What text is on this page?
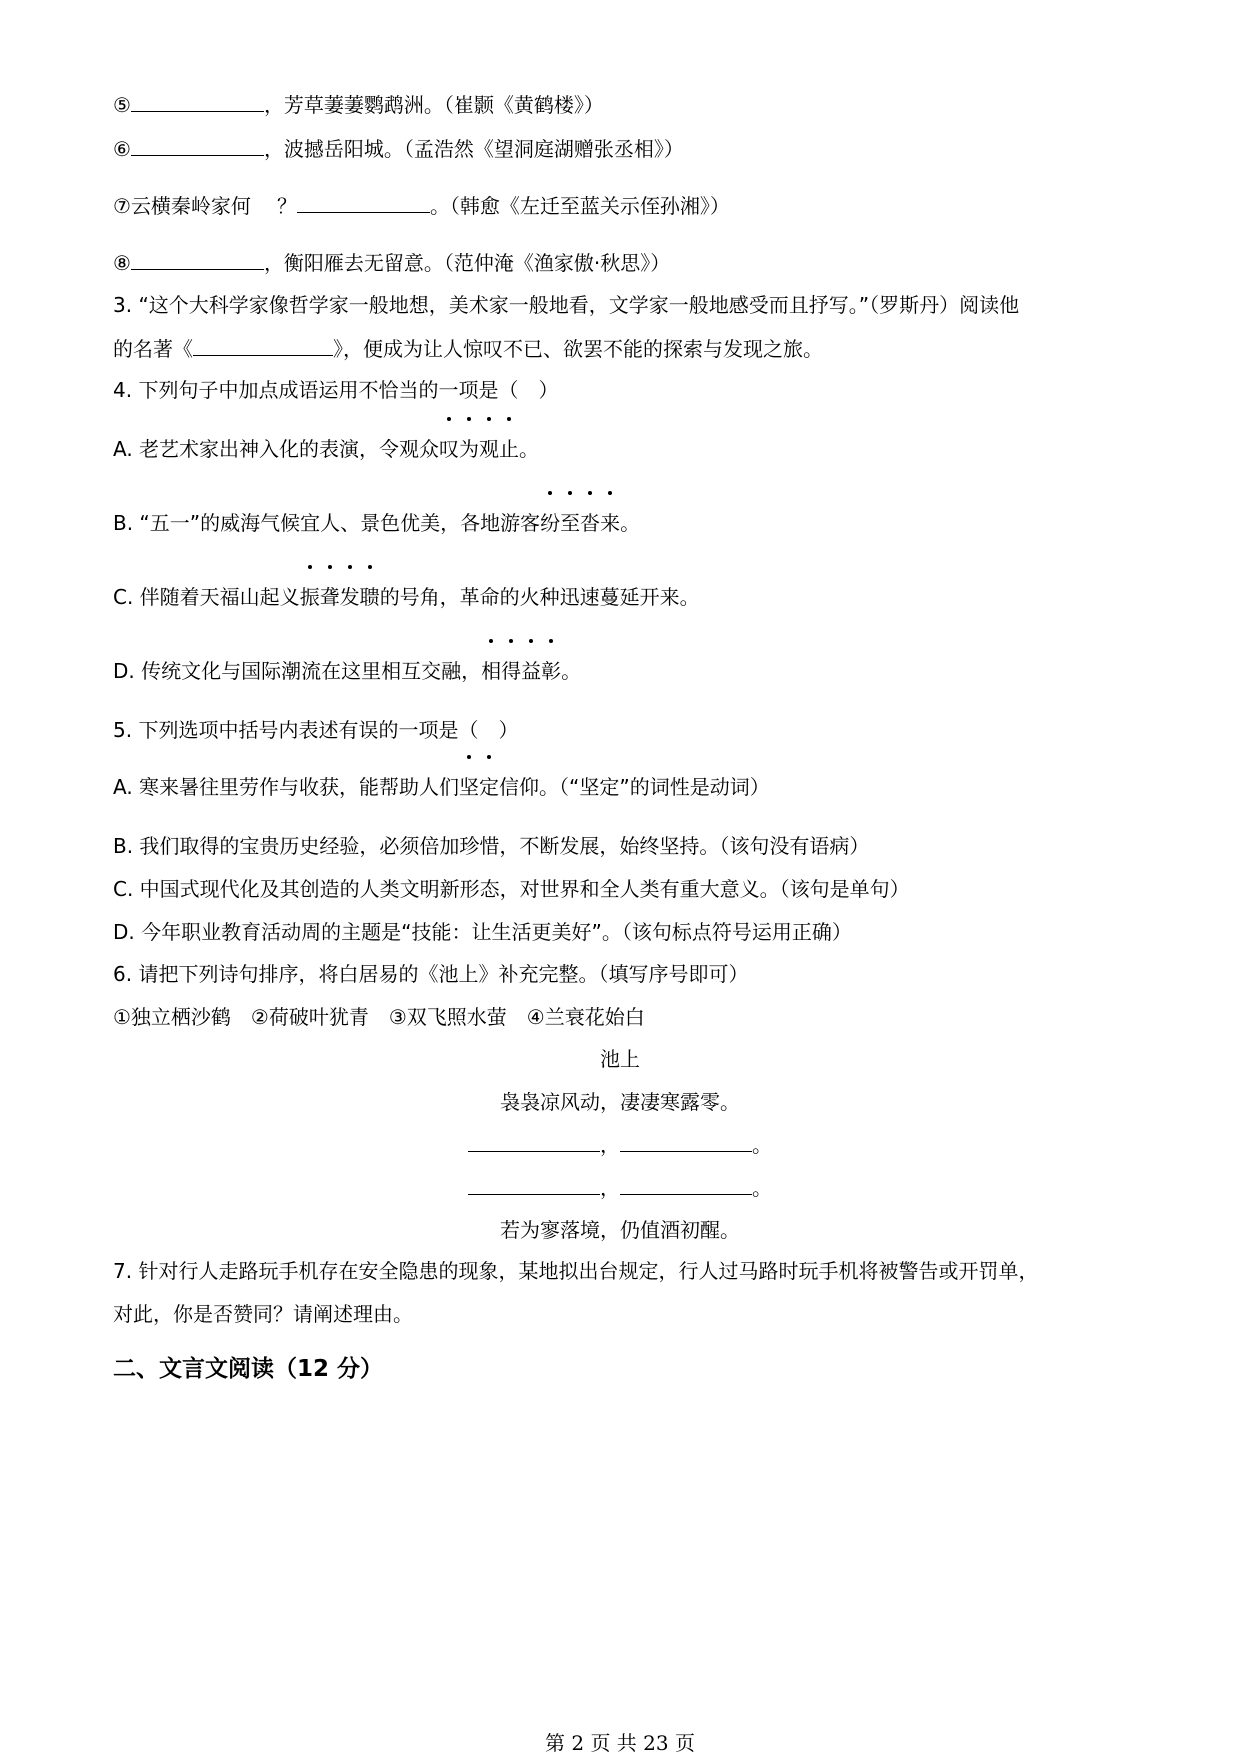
⑤	，芳草萋萋鹦鹉洲。（崔颢《黄鹤楼》）
⑥	，波撼岳阳城。（孟浩然《望洞庭湖赠张丞相》）
⑦云横秦岭家何 ？	。（韩愈《左迁至蓝关示侄孙湘》）
⑧	，衡阳雁去无留意。（范仲淹《渔家傲·秋思》）
3. “这个大科学家像哲学家一般地想，美术家一般地看，文学家一般地感受而且抒写。”（罗斯丹）阅读他
的名著《	》，便成为让人惊叹不已、欲罢不能的探索与发现之旅。
4. 下列句子中加点成语运用不恰当的一项是（　）
A. 老艺术家出神入化的表演，令观众
叹为观止。
B. “五一”的威海气候宜人、景色优美，各地游客
纷至沓来。
C. 伴随着天福山起义
振聋发聩的号角，革命的火种迅速蔓延开来。
D. 传统文化与国际潮流在这里相互交融，
相得益彰。
5. 下列选项中括号内表述有误的一项是（　）
A. 寒来暑往里劳作与收获，能帮助人们
坚定信仰。（“坚定”的词性是动词）
B. 我们取得的宝贵历史经验，必须倍加珍惜，不断发展，始终坚持。（该句没有语病）
C. 中国式现代化及其创造的人类文明新形态，对世界和全人类有重大意义。（该句是单句）
D. 今年职业教育活动周的主题是“技能：让生活更美好”。（该句标点符号运用正确）
6. 请把下列诗句排序，将白居易的《池上》补充完整。（填写序号即可）
①独立栖沙鹤　②荷破叶犹青　③双飞照水萤　④兰衰花始白
池上
袅袅凉风动，凄凄寒露零。
，	。
，	。
若为寥落境，仍值酒初醒。
7. 针对行人走路玩手机存在安全隐患的现象，某地拟出台规定，行人过马路时玩手机将被警告或开罚单，
对此，你是否赞同？请阐述理由。
二、文言文阅读（12 分）
第 2 页 共 23 页
